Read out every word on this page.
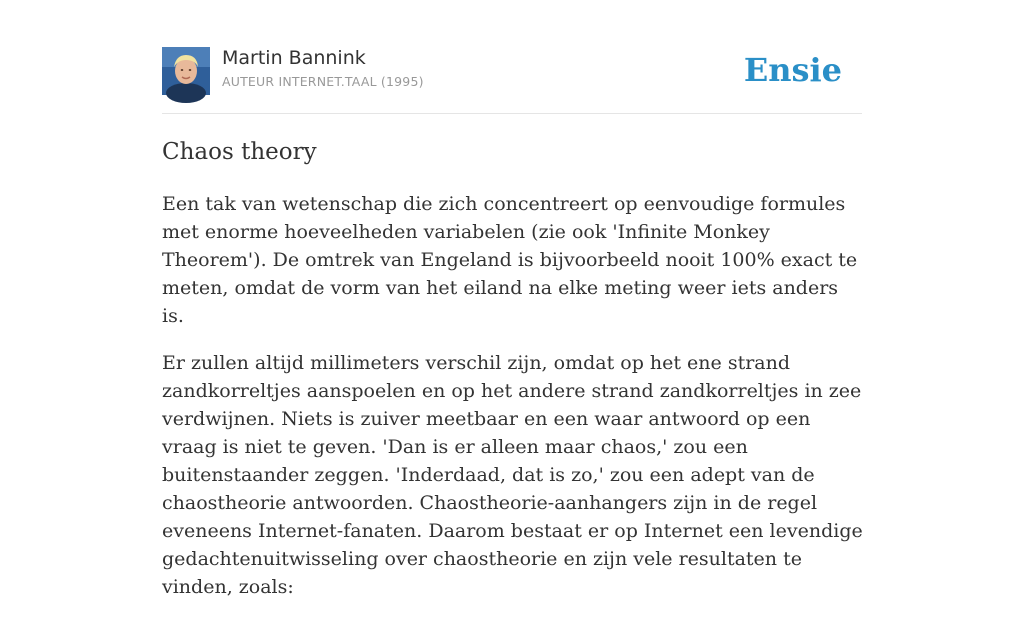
Martin Bannink
AUTEUR INTERNET.TAAL (1995)	Ensie
Chaos theory

Een tak van wetenschap die zich concentreert op eenvoudige formules met enorme hoeveelheden variabelen (zie ook 'Infinite Monkey Theorem'). De omtrek van Engeland is bijvoorbeeld nooit 100% exact te meten, omdat de vorm van het eiland na elke meting weer iets anders is.

Er zullen altijd millimeters verschil zijn, omdat op het ene strand zandkorreltjes aanspoelen en op het andere strand zandkorreltjes in zee verdwijnen. Niets is zuiver meetbaar en een waar antwoord op een vraag is niet te geven. 'Dan is er alleen maar chaos,' zou een buitenstaander zeggen. 'Inderdaad, dat is zo,' zou een adept van de chaostheorie antwoorden. Chaostheorie-aanhangers zijn in de regel eveneens Internet-fanaten. Daarom bestaat er op Internet een levendige gedachtenuitwisseling over chaostheorie en zijn vele resultaten te vinden, zoals:
